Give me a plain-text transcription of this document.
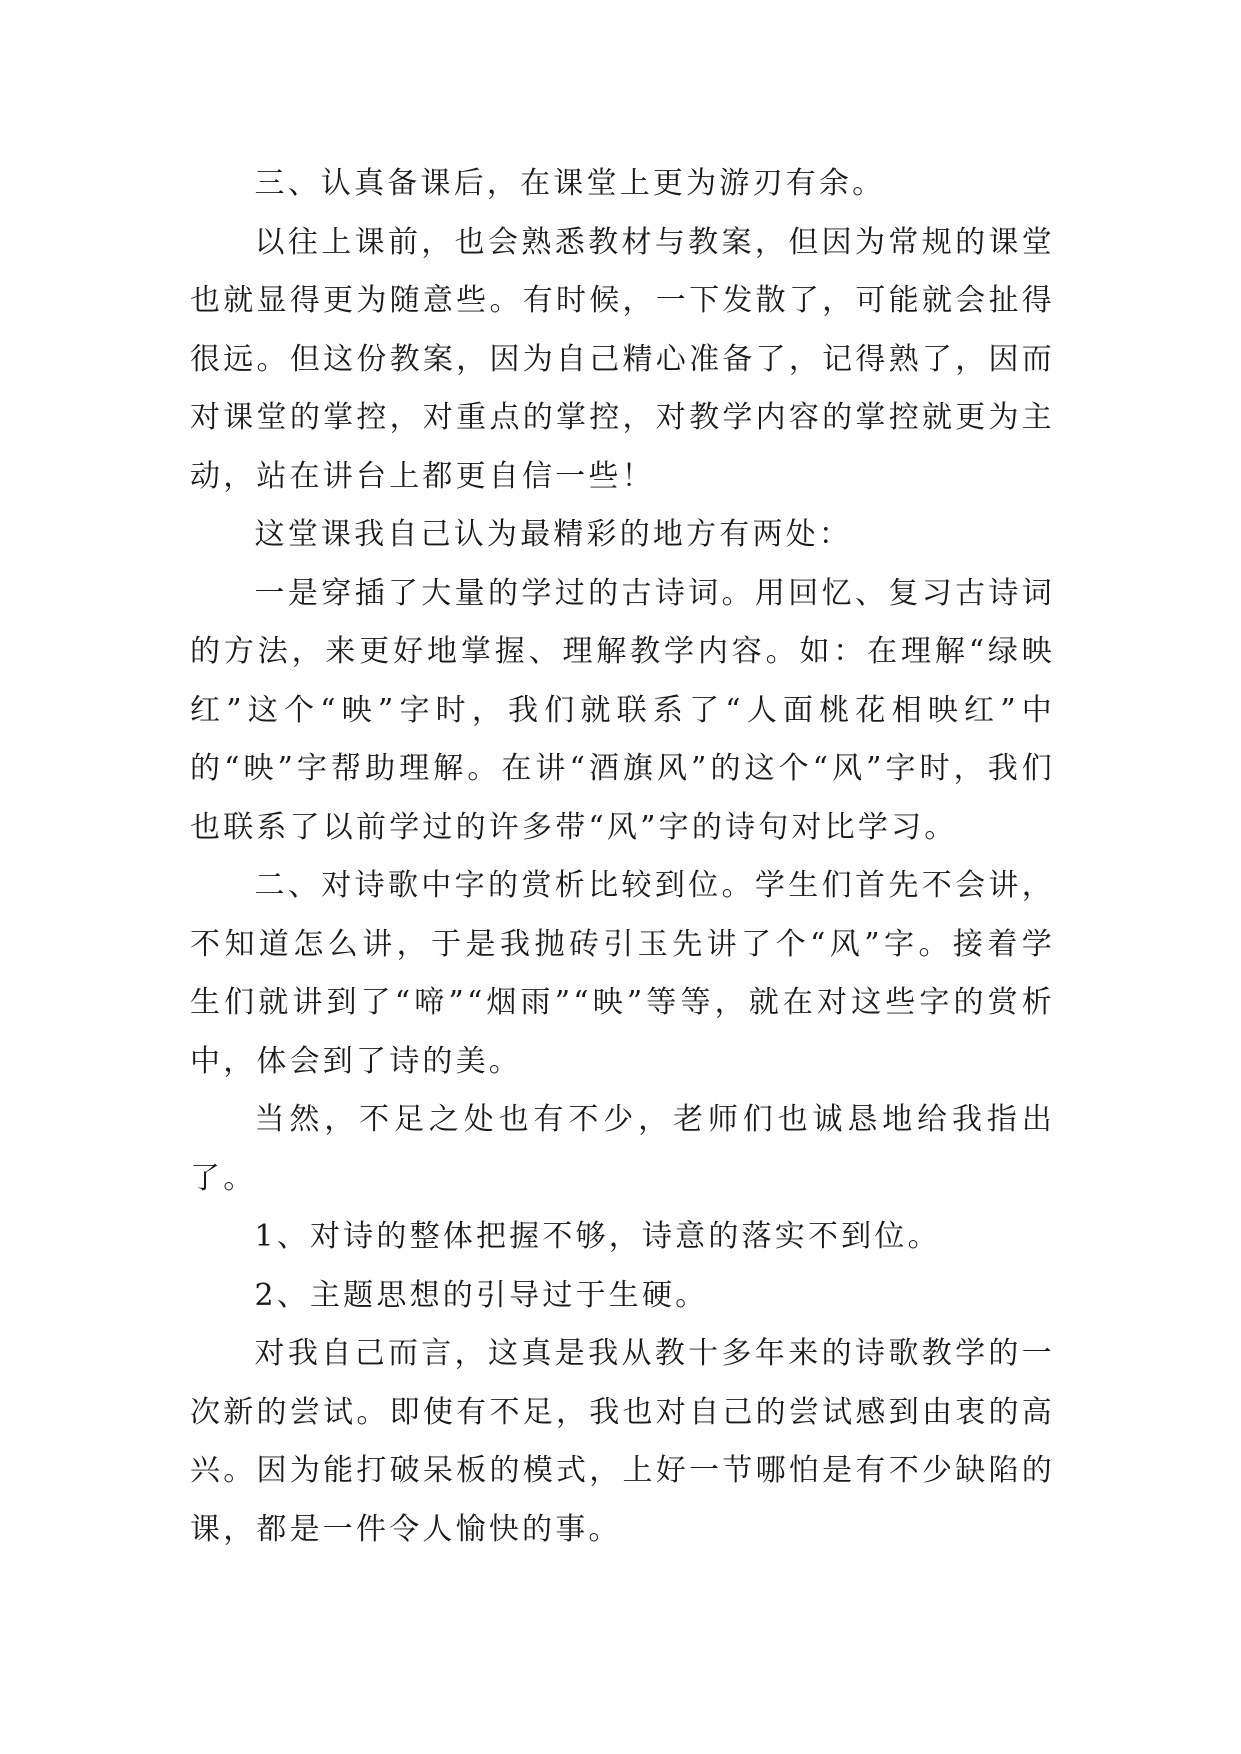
三、认真备课后，在课堂上更为游刃有余。

以往上课前，也会熟悉教材与教案，但因为常规的课堂也就显得更为随意些。有时候，一下发散了，可能就会扯得很远。但这份教案，因为自己精心准备了，记得熟了，因而对课堂的掌控，对重点的掌控，对教学内容的掌控就更为主动，站在讲台上都更自信一些！

这堂课我自己认为最精彩的地方有两处：

一是穿插了大量的学过的古诗词。用回忆、复习古诗词的方法，来更好地掌握、理解教学内容。如：在理解“绿映红”这个“映”字时，我们就联系了“人面桃花相映红”中的“映”字帮助理解。在讲“酒旗风”的这个“风”字时，我们也联系了以前学过的许多带“风”字的诗句对比学习。

二、对诗歌中字的赏析比较到位。学生们首先不会讲，不知道怎么讲，于是我抛砖引玉先讲了个“风”字。接着学生们就讲到了“啼”“烟雨”“映”等等，就在对这些字的赏析中，体会到了诗的美。

当然，不足之处也有不少，老师们也诚恳地给我指出了。

1、对诗的整体把握不够，诗意的落实不到位。

2、主题思想的引导过于生硬。

对我自己而言，这真是我从教十多年来的诗歌教学的一次新的尝试。即使有不足，我也对自己的尝试感到由衷的高兴。因为能打破呆板的模式，上好一节哪怕是有不少缺陷的课，都是一件令人愉快的事。
